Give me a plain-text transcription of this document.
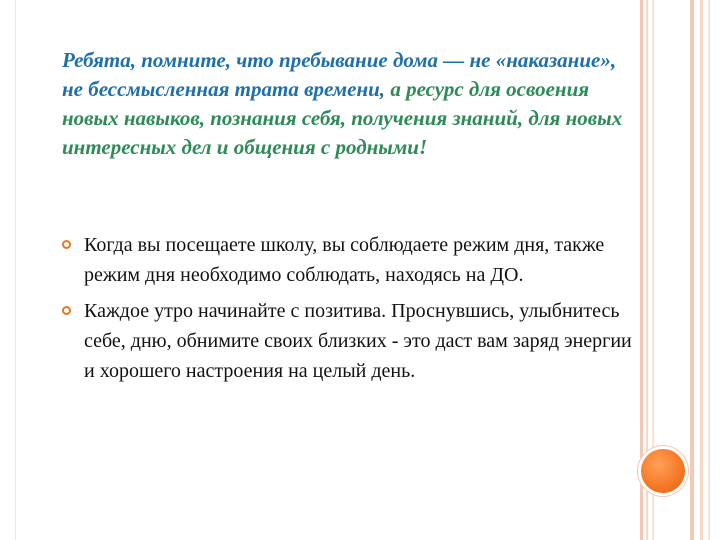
Ребята, помните, что пребывание дома — не «наказание», не бессмысленная трата времени, а ресурс для освоения новых навыков, познания себя, получения знаний, для новых интересных дел и общения с родными!

Когда вы посещаете школу, вы соблюдаете режим дня, также режим дня необходимо соблюдать, находясь на ДО.
Каждое утро начинайте с позитива. Проснувшись, улыбнитесь себе, дню, обнимите своих близких - это даст вам заряд энергии и хорошего настроения на целый день.
